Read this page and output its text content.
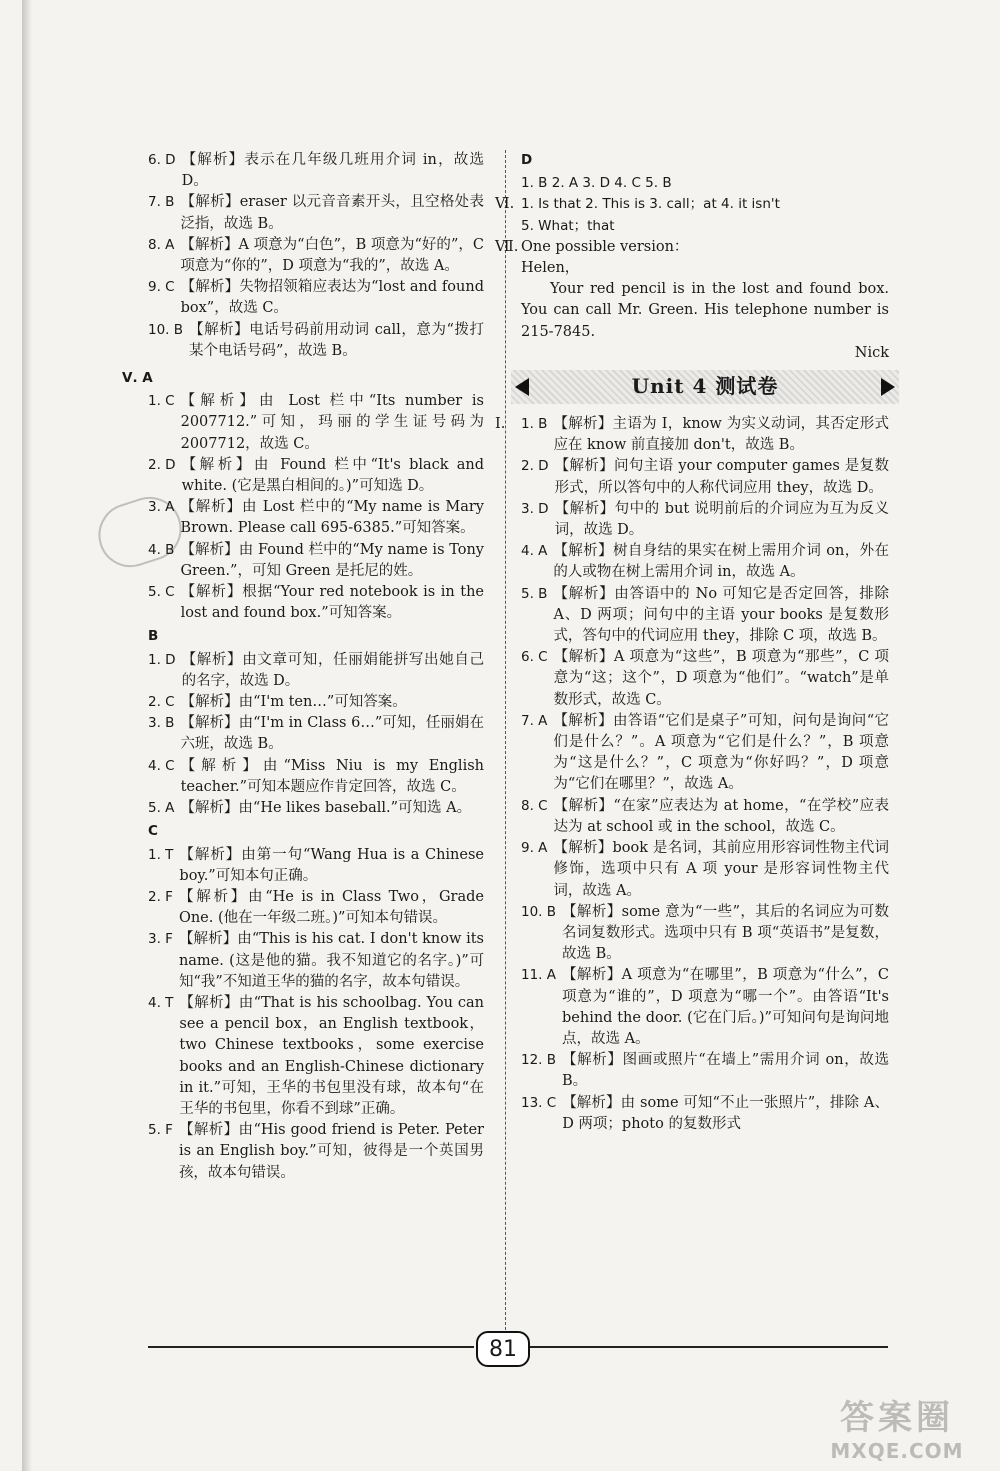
6. D 【解析】表示在几年级几班用介词 in，故选 D。
7. B 【解析】eraser 以元音音素开头，且空格处表泛指，故选 B。
8. A 【解析】A 项意为“白色”，B 项意为“好的”，C 项意为“你的”，D 项意为“我的”，故选 A。
9. C 【解析】失物招领箱应表达为“lost and found box”，故选 C。
10. B 【解析】电话号码前用动词 call，意为“拨打某个电话号码”，故选 B。
Ⅴ. A
1. C 【解析】由 Lost 栏中“Its number is 2007712.”可知，玛丽的学生证号码为 2007712，故选 C。
2. D 【解析】由 Found 栏中“It's black and white. (它是黑白相间的。)”可知选 D。
3. A 【解析】由 Lost 栏中的“My name is Mary Brown. Please call 695-6385.”可知答案。
4. B 【解析】由 Found 栏中的“My name is Tony Green.”，可知 Green 是托尼的姓。
5. C 【解析】根据“Your red notebook is in the lost and found box.”可知答案。
B
1. D 【解析】由文章可知，任丽娟能拼写出她自己的名字，故选 D。
2. C 【解析】由“I'm ten…”可知答案。
3. B 【解析】由“I'm in Class 6…”可知，任丽娟在六班，故选 B。
4. C 【解析】由“Miss Niu is my English teacher.”可知本题应作肯定回答，故选 C。
5. A 【解析】由“He likes baseball.”可知选 A。
C
1. T 【解析】由第一句“Wang Hua is a Chinese boy.”可知本句正确。
2. F 【解析】由“He is in Class Two，Grade One. (他在一年级二班。)”可知本句错误。
3. F 【解析】由“This is his cat. I don't know its name. (这是他的猫。我不知道它的名字。)”可知“我”不知道王华的猫的名字，故本句错误。
4. T 【解析】由“That is his schoolbag. You can see a pencil box，an English textbook，two Chinese textbooks，some exercise books and an English-Chinese dictionary in it.”可知，王华的书包里没有球，故本句“在王华的书包里，你看不到球”正确。
5. F 【解析】由“His good friend is Peter. Peter is an English boy.”可知，彼得是一个英国男孩，故本句错误。
D
1. B 2. A 3. D 4. C 5. B
Ⅵ. 1. Is that 2. This is 3. call；at 4. it isn't
5. What；that
Ⅶ. One possible version：
Helen，
Your red pencil is in the lost and found box. You can call Mr. Green. His telephone number is 215-7845.
Nick
Unit 4 测试卷
Ⅰ.	1. B 【解析】主语为 I，know 为实义动词，其否定形式应在 know 前直接加 don't，故选 B。
2. D 【解析】问句主语 your computer games 是复数形式，所以答句中的人称代词应用 they，故选 D。
3. D 【解析】句中的 but 说明前后的介词应为互为反义词，故选 D。
4. A 【解析】树自身结的果实在树上需用介词 on，外在的人或物在树上需用介词 in，故选 A。
5. B 【解析】由答语中的 No 可知它是否定回答，排除 A、D 两项；问句中的主语 your books 是复数形式，答句中的代词应用 they，排除 C 项，故选 B。
6. C 【解析】A 项意为“这些”，B 项意为“那些”，C 项意为“这；这个”，D 项意为“他们”。“watch”是单数形式，故选 C。
7. A 【解析】由答语“它们是桌子”可知，问句是询问“它们是什么？”。A 项意为“它们是什么？”，B 项意为“这是什么？”，C 项意为“你好吗？”，D 项意为“它们在哪里？”，故选 A。
8. C 【解析】“在家”应表达为 at home，“在学校”应表达为 at school 或 in the school，故选 C。
9. A 【解析】book 是名词，其前应用形容词性物主代词修饰，选项中只有 A 项 your 是形容词性物主代词，故选 A。
10. B 【解析】some 意为“一些”，其后的名词应为可数名词复数形式。选项中只有 B 项“英语书”是复数，故选 B。
11. A 【解析】A 项意为“在哪里”，B 项意为“什么”，C 项意为“谁的”，D 项意为“哪一个”。由答语“It's behind the door. (它在门后。)”可知问句是询问地点，故选 A。
12. B 【解析】图画或照片“在墙上”需用介词 on，故选 B。
13. C 【解析】由 some 可知“不止一张照片”，排除 A、D 两项；photo 的复数形式
81
答案圈
MXQE.COM
